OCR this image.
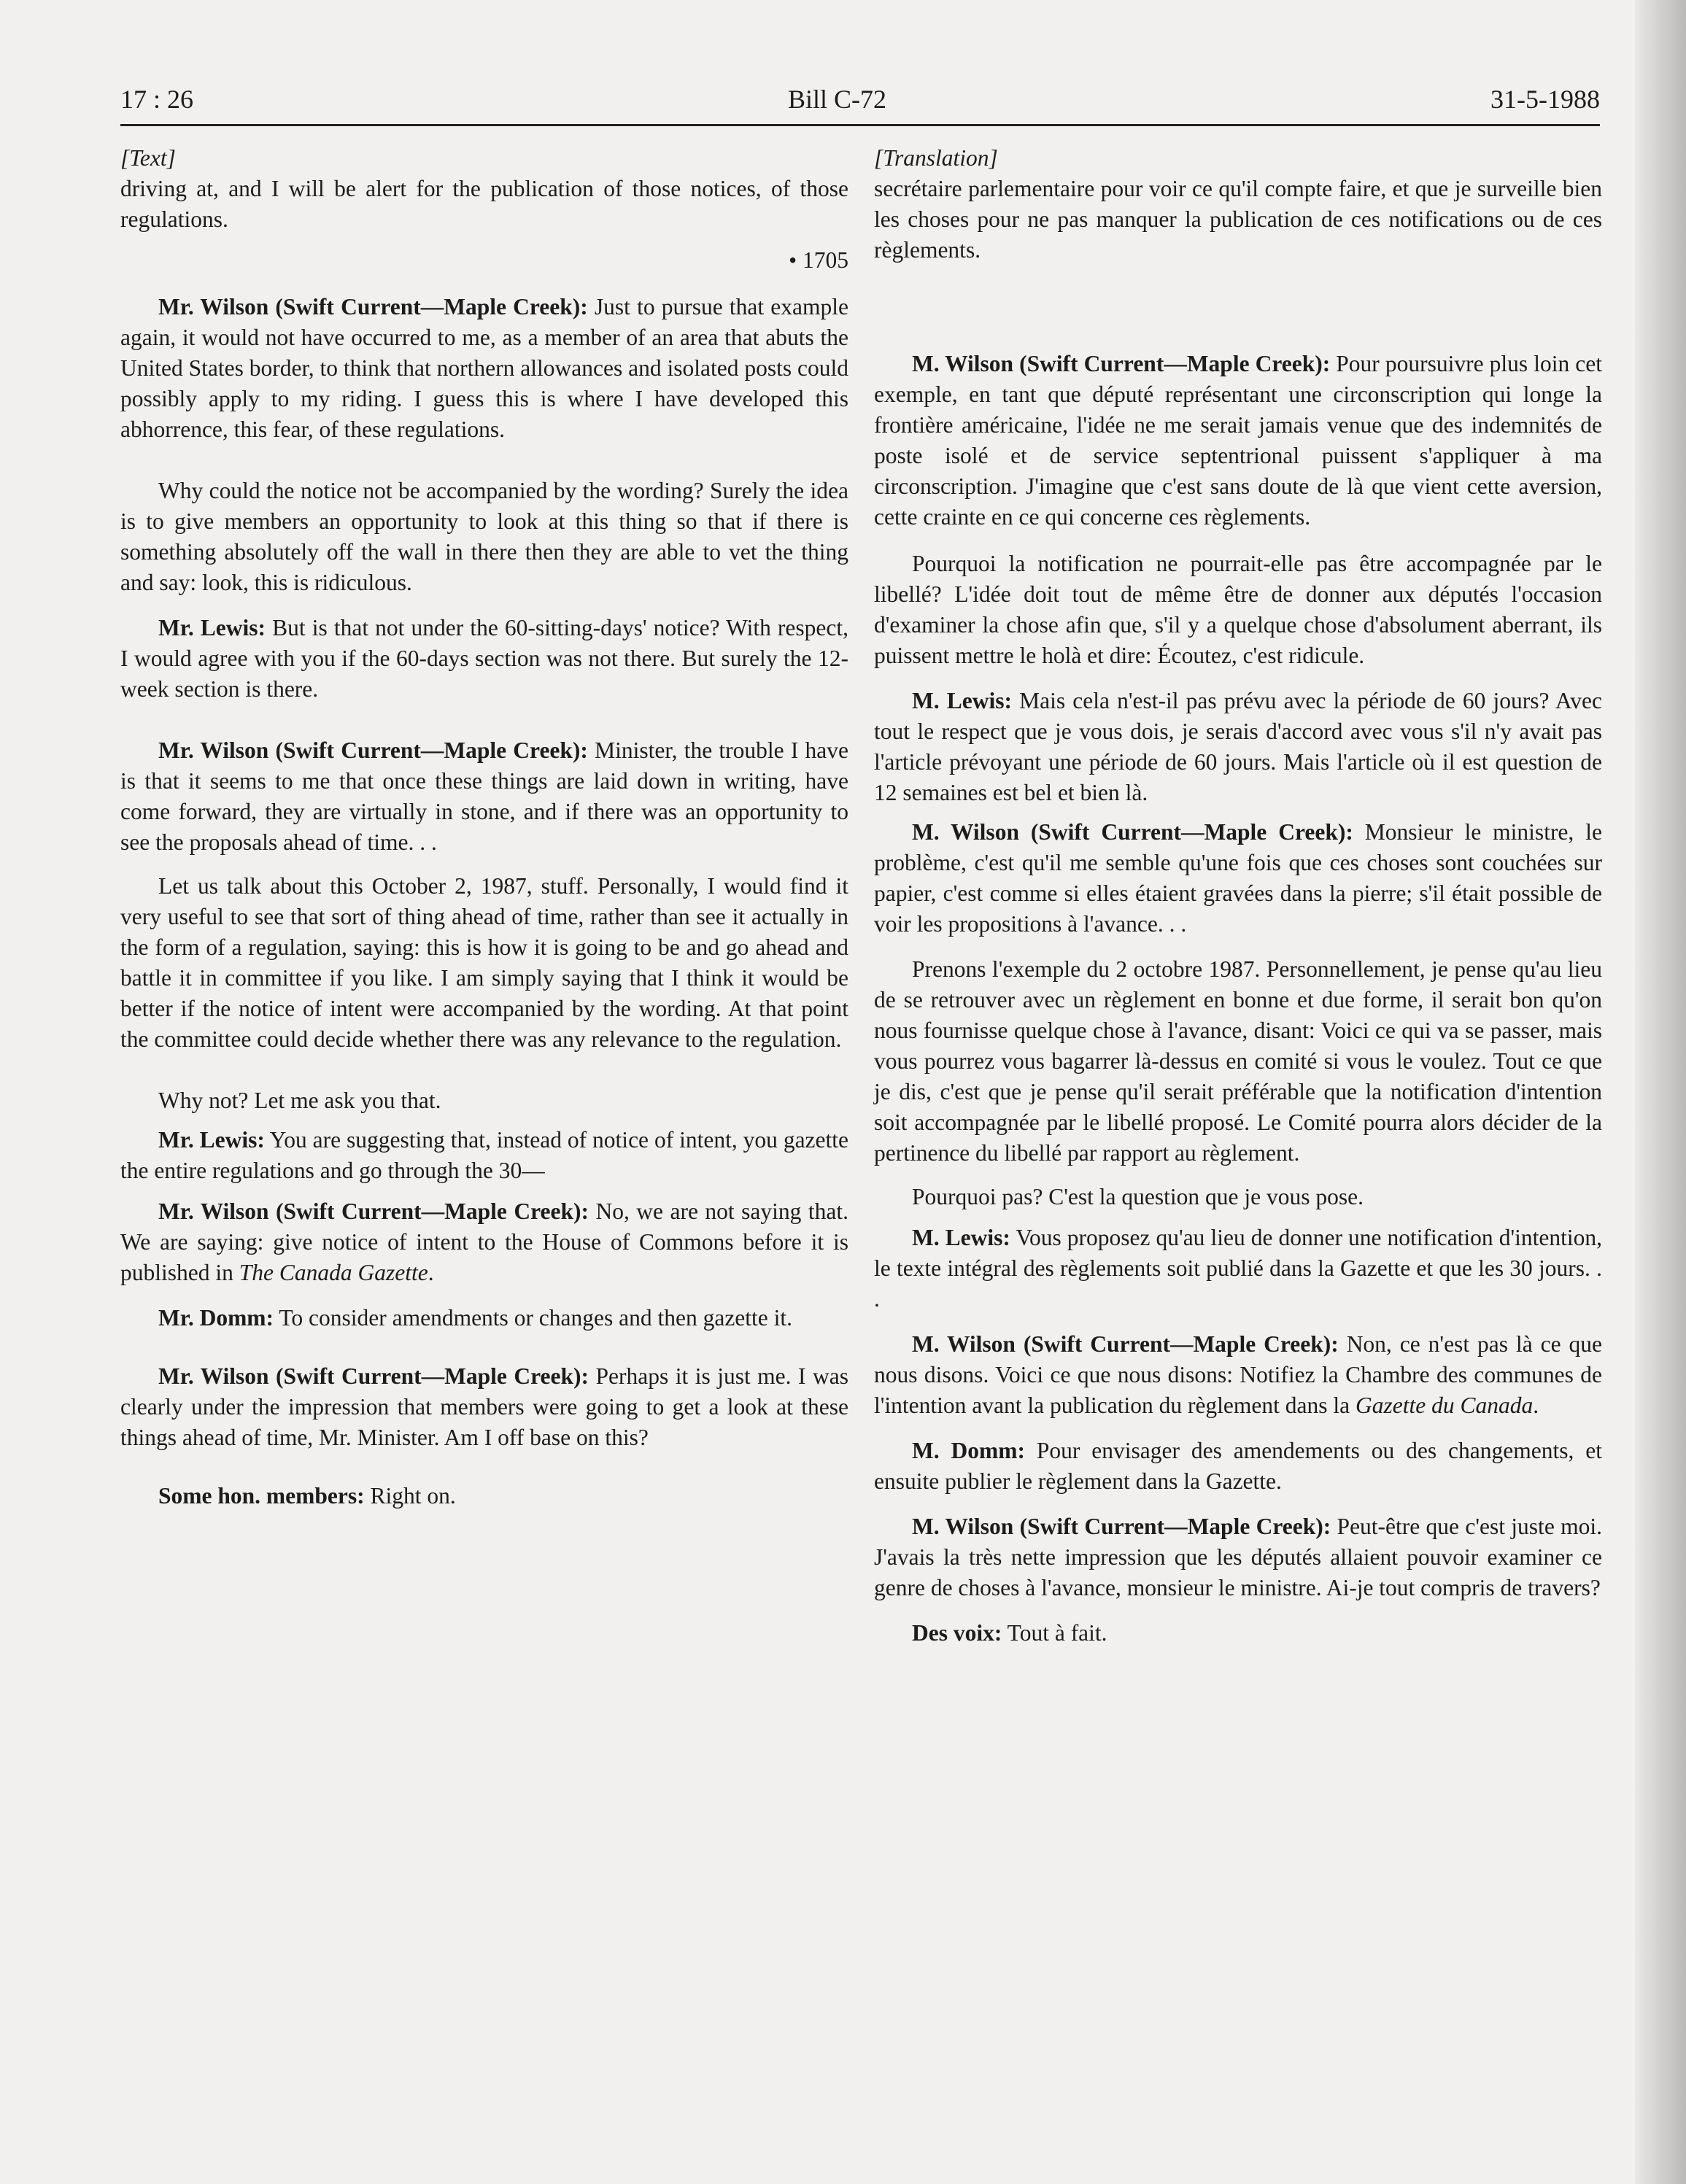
17 : 26	Bill C-72	31-5-1988

[Text]

driving at, and I will be alert for the publication of those notices, of those regulations.

• 1705

Mr. Wilson (Swift Current—Maple Creek): Just to pursue that example again, it would not have occurred to me, as a member of an area that abuts the United States border, to think that northern allowances and isolated posts could possibly apply to my riding. I guess this is where I have developed this abhorrence, this fear, of these regulations.

Why could the notice not be accompanied by the wording? Surely the idea is to give members an opportunity to look at this thing so that if there is something absolutely off the wall in there then they are able to vet the thing and say: look, this is ridiculous.

Mr. Lewis: But is that not under the 60-sitting-days' notice? With respect, I would agree with you if the 60-days section was not there. But surely the 12-week section is there.

Mr. Wilson (Swift Current—Maple Creek): Minister, the trouble I have is that it seems to me that once these things are laid down in writing, have come forward, they are virtually in stone, and if there was an opportunity to see the proposals ahead of time. . .

Let us talk about this October 2, 1987, stuff. Personally, I would find it very useful to see that sort of thing ahead of time, rather than see it actually in the form of a regulation, saying: this is how it is going to be and go ahead and battle it in committee if you like. I am simply saying that I think it would be better if the notice of intent were accompanied by the wording. At that point the committee could decide whether there was any relevance to the regulation.

Why not? Let me ask you that.

Mr. Lewis: You are suggesting that, instead of notice of intent, you gazette the entire regulations and go through the 30—

Mr. Wilson (Swift Current—Maple Creek): No, we are not saying that. We are saying: give notice of intent to the House of Commons before it is published in The Canada Gazette.

Mr. Domm: To consider amendments or changes and then gazette it.

Mr. Wilson (Swift Current—Maple Creek): Perhaps it is just me. I was clearly under the impression that members were going to get a look at these things ahead of time, Mr. Minister. Am I off base on this?

Some hon. members: Right on.

[Translation]

secrétaire parlementaire pour voir ce qu'il compte faire, et que je surveille bien les choses pour ne pas manquer la publication de ces notifications ou de ces règlements.

M. Wilson (Swift Current—Maple Creek): Pour poursuivre plus loin cet exemple, en tant que député représentant une circonscription qui longe la frontière américaine, l'idée ne me serait jamais venue que des indemnités de poste isolé et de service septentrional puissent s'appliquer à ma circonscription. J'imagine que c'est sans doute de là que vient cette aversion, cette crainte en ce qui concerne ces règlements.

Pourquoi la notification ne pourrait-elle pas être accompagnée par le libellé? L'idée doit tout de même être de donner aux députés l'occasion d'examiner la chose afin que, s'il y a quelque chose d'absolument aberrant, ils puissent mettre le holà et dire: Écoutez, c'est ridicule.

M. Lewis: Mais cela n'est-il pas prévu avec la période de 60 jours? Avec tout le respect que je vous dois, je serais d'accord avec vous s'il n'y avait pas l'article prévoyant une période de 60 jours. Mais l'article où il est question de 12 semaines est bel et bien là.

M. Wilson (Swift Current—Maple Creek): Monsieur le ministre, le problème, c'est qu'il me semble qu'une fois que ces choses sont couchées sur papier, c'est comme si elles étaient gravées dans la pierre; s'il était possible de voir les propositions à l'avance. . .

Prenons l'exemple du 2 octobre 1987. Personnellement, je pense qu'au lieu de se retrouver avec un règlement en bonne et due forme, il serait bon qu'on nous fournisse quelque chose à l'avance, disant: Voici ce qui va se passer, mais vous pourrez vous bagarrer là-dessus en comité si vous le voulez. Tout ce que je dis, c'est que je pense qu'il serait préférable que la notification d'intention soit accompagnée par le libellé proposé. Le Comité pourra alors décider de la pertinence du libellé par rapport au règlement.

Pourquoi pas? C'est la question que je vous pose.

M. Lewis: Vous proposez qu'au lieu de donner une notification d'intention, le texte intégral des règlements soit publié dans la Gazette et que les 30 jours. . .

M. Wilson (Swift Current—Maple Creek): Non, ce n'est pas là ce que nous disons. Voici ce que nous disons: Notifiez la Chambre des communes de l'intention avant la publication du règlement dans la Gazette du Canada.

M. Domm: Pour envisager des amendements ou des changements, et ensuite publier le règlement dans la Gazette.

M. Wilson (Swift Current—Maple Creek): Peut-être que c'est juste moi. J'avais la très nette impression que les députés allaient pouvoir examiner ce genre de choses à l'avance, monsieur le ministre. Ai-je tout compris de travers?

Des voix: Tout à fait.
